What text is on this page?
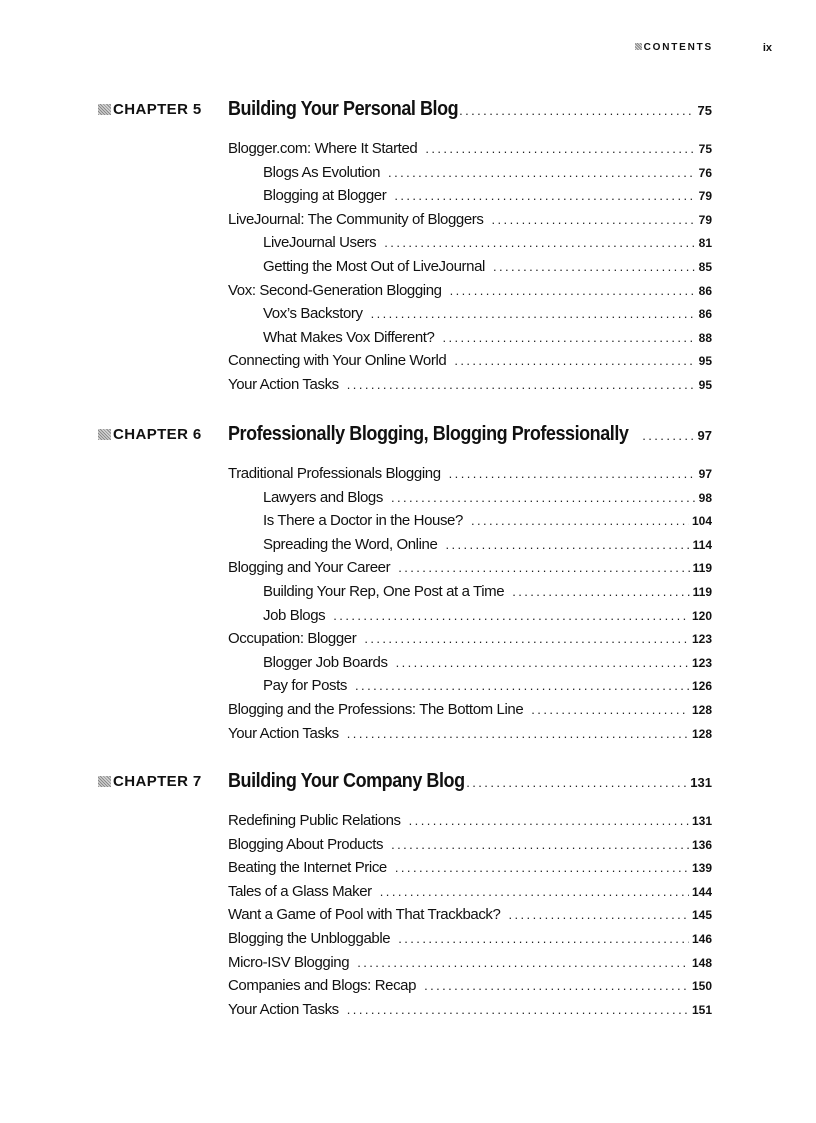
CONTENTS	ix
CHAPTER 5 Building Your Personal Blog . . .	75
Blogger.com: Where It Started . . .	75
Blogs As Evolution . . .	76
Blogging at Blogger . . .	79
LiveJournal: The Community of Bloggers . . .	79
LiveJournal Users . . .	81
Getting the Most Out of LiveJournal . . .	85
Vox: Second-Generation Blogging . . .	86
Vox’s Backstory . . .	86
What Makes Vox Different? . . .	88
Connecting with Your Online World . . .	95
Your Action Tasks . . .	95
CHAPTER 6 Professionally Blogging, Blogging Professionally . . .	97
Traditional Professionals Blogging . . .	97
Lawyers and Blogs . . .	98
Is There a Doctor in the House? . . .	104
Spreading the Word, Online . . .	114
Blogging and Your Career . . .	119
Building Your Rep, One Post at a Time . . .	119
Job Blogs . . .	120
Occupation: Blogger . . .	123
Blogger Job Boards . . .	123
Pay for Posts . . .	126
Blogging and the Professions: The Bottom Line . . .	128
Your Action Tasks . . .	128
CHAPTER 7 Building Your Company Blog . . .	131
Redefining Public Relations . . .	131
Blogging About Products . . .	136
Beating the Internet Price . . .	139
Tales of a Glass Maker . . .	144
Want a Game of Pool with That Trackback? . . .	145
Blogging the Unbloggable . . .	146
Micro-ISV Blogging . . .	148
Companies and Blogs: Recap . . .	150
Your Action Tasks . . .	151
